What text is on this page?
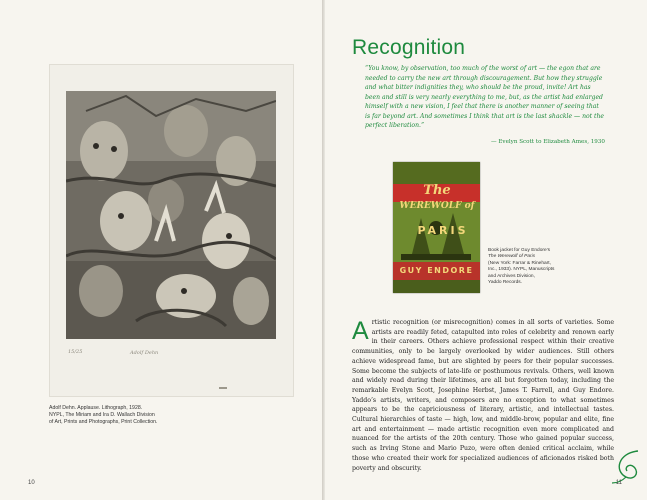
15/25	Adolf Dehn

Adolf Dehn. Applause. Lithograph, 1928.

NYPL, The Miriam and Ira D. Wallach Division

of Art, Prints and Photographs, Print Collection.

10
Recognition

“You know, by observation, too much of the worst of art — the egon that are needed to carry the new art through discouragement. But how they struggle and what bitter indignities they, who should be the proud, invite! Art has been and still is very nearly everything to me, but, as the artist had enlarged himself with a new vision, I feel that there is another manner of seeing that is far beyond art. And sometimes I think that art is the last shackle — not the perfect liberation.”

— Evelyn Scott to Elizabeth Ames, 1930
The WEREWOLF of
PARIS
GUY ENDORE

Book jacket for Guy Endore’s

The Werewolf of Paris

(New York: Farrar & Rinehart,

Inc., 1933). NYPL, Manuscripts

and Archives Division,

Yaddo Records.

Artistic recognition (or misrecognition) comes in all sorts of varieties. Some artists are readily feted, catapulted into roles of celebrity and renown early in their careers. Others achieve professional respect within their creative communities, only to be largely overlooked by wider audiences. Still others achieve widespread fame, but are slighted by peers for their popular successes. Some become the subjects of late-life or posthumous revivals. Others, well known and widely read during their lifetimes, are all but forgotten today, including the remarkable Evelyn Scott, Josephine Herbst, James T. Farrell, and Guy Endore. Yaddo’s artists, writers, and composers are no exception to what sometimes appears to be the capriciousness of literary, artistic, and intellectual tastes. Cultural hierarchies of taste — high, low, and middle-brow, popular and elite, fine art and entertainment — made artistic recognition even more complicated and nuanced for the artists of the 20th century. Those who gained popular success, such as Irving Stone and Mario Puzo, were often denied critical acclaim, while those who created their work for specialized audiences of aficionados risked both poverty and obscurity.

11
